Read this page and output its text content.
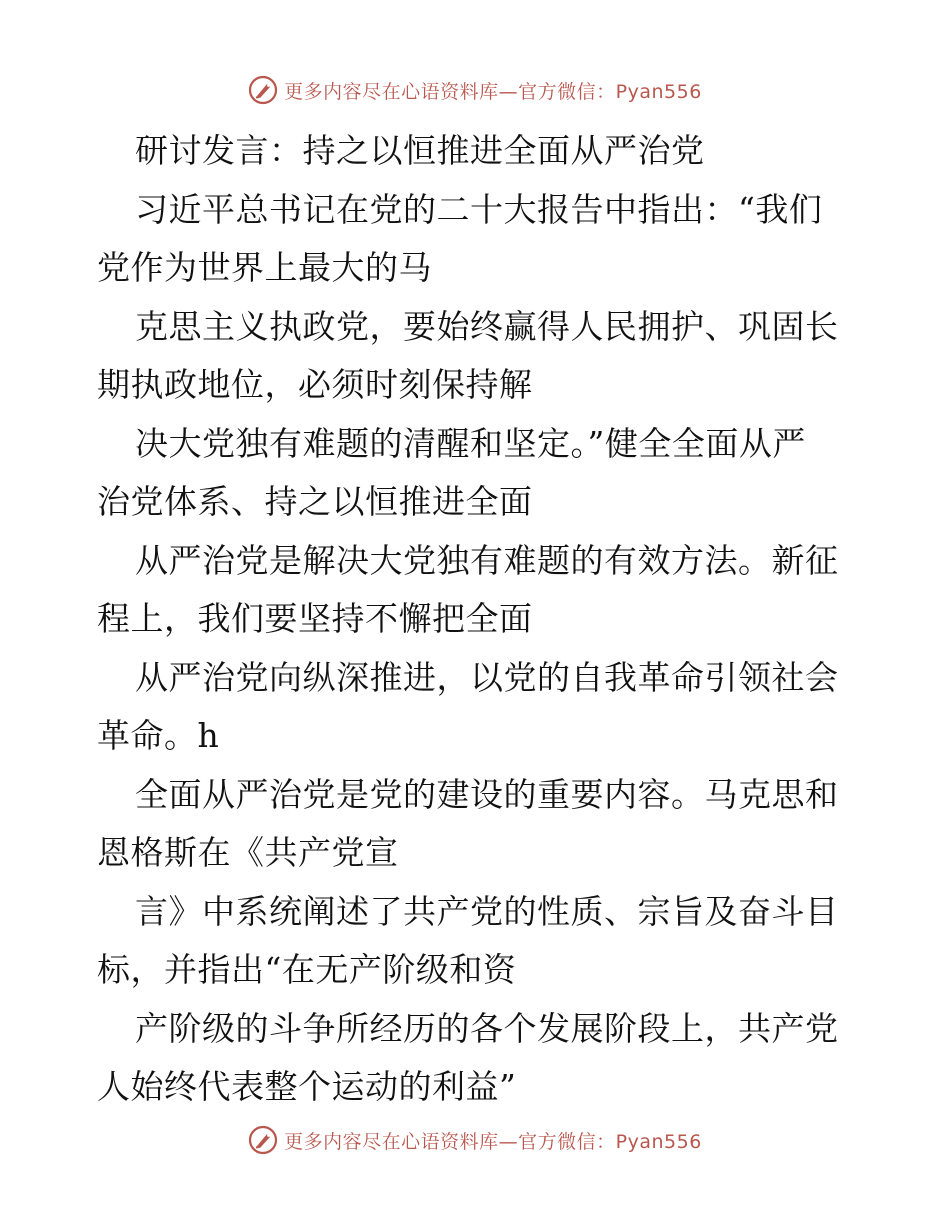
更多内容尽在心语资料库—官方微信：Pyan556
研讨发言：持之以恒推进全面从严治党
习近平总书记在党的二十大报告中指出：“我们
党作为世界上最大的马
克思主义执政党，要始终赢得人民拥护、巩固长
期执政地位，必须时刻保持解
决大党独有难题的清醒和坚定。”健全全面从严
治党体系、持之以恒推进全面
从严治党是解决大党独有难题的有效方法。新征
程上，我们要坚持不懈把全面
从严治党向纵深推进，以党的自我革命引领社会
革命。h
全面从严治党是党的建设的重要内容。马克思和
恩格斯在《共产党宣
言》中系统阐述了共产党的性质、宗旨及奋斗目
标，并指出“在无产阶级和资
产阶级的斗争所经历的各个发展阶段上，共产党
人始终代表整个运动的利益”
更多内容尽在心语资料库—官方微信：Pyan556
